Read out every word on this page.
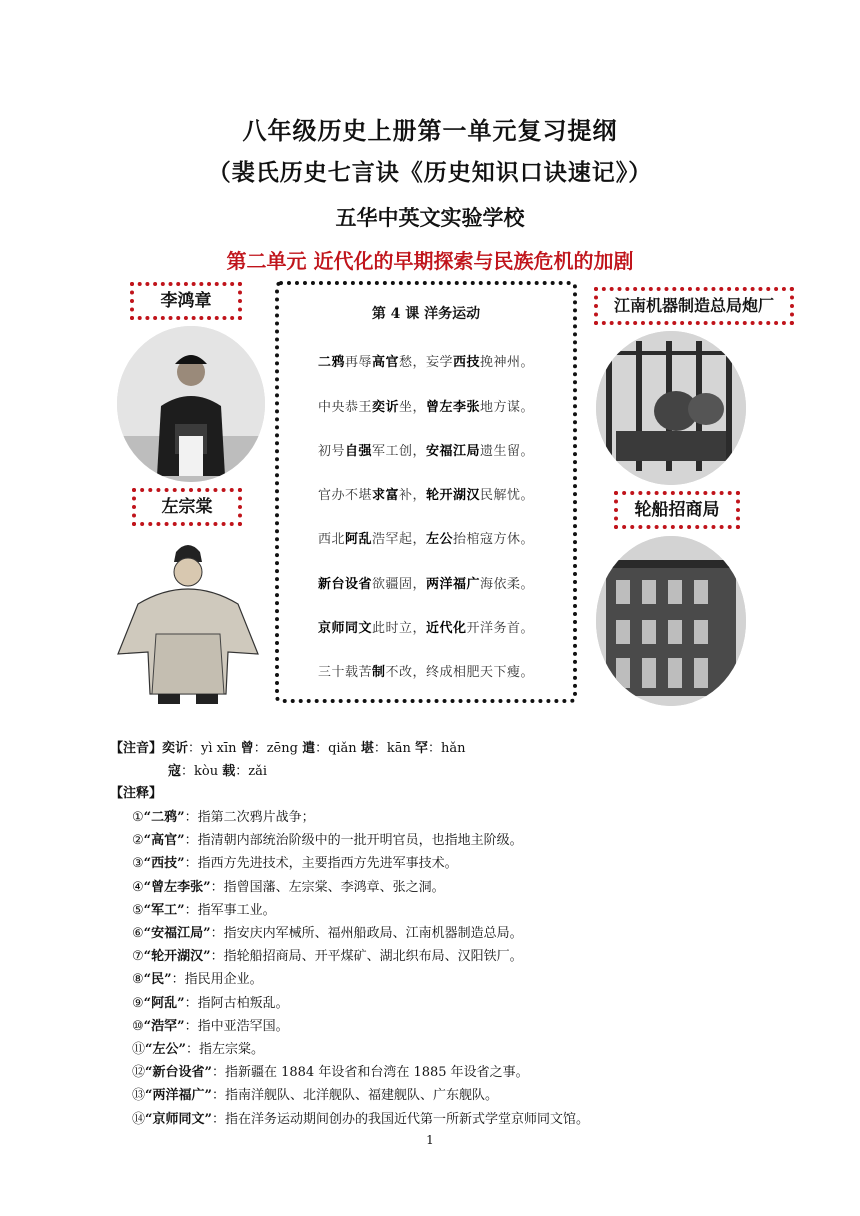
八年级历史上册第一单元复习提纲
（裴氏历史七言诀《历史知识口诀速记》）
五华中英文实验学校
第二单元 近代化的早期探索与民族危机的加剧
李鸿章
左宗棠
江南机器制造总局炮厂
轮船招商局
第 4 课 洋务运动
二鸦再辱高官愁，妄学西技挽神州。
中央恭王奕䜣坐，曾左李张地方谋。
初号自强军工创，安福江局遗生留。
官办不堪求富补，轮开湖汉民解忧。
西北阿乱浩罕起，左公抬棺寇方休。
新台设省欲疆固，两洋福广海依柔。
京师同文此时立，近代化开洋务首。
三十载苦制不改，终成相肥天下瘦。
【注音】奕䜣：yì xīn 曾：zēng 遣：qiǎn 堪：kān 罕：hǎn
寇：kòu 载：zǎi
【注释】
①“二鸦”：指第二次鸦片战争；
②“高官”：指清朝内部统治阶级中的一批开明官员，也指地主阶级。
③“西技”：指西方先进技术，主要指西方先进军事技术。
④“曾左李张”：指曾国藩、左宗棠、李鸿章、张之洞。
⑤“军工”：指军事工业。
⑥“安福江局”：指安庆内军械所、福州船政局、江南机器制造总局。
⑦“轮开湖汉”：指轮船招商局、开平煤矿、湖北织布局、汉阳铁厂。
⑧“民”：指民用企业。
⑨“阿乱”：指阿古柏叛乱。
⑩“浩罕”：指中亚浩罕国。
⑪“左公”：指左宗棠。
⑫“新台设省”：指新疆在 1884 年设省和台湾在 1885 年设省之事。
⑬“两洋福广”：指南洋舰队、北洋舰队、福建舰队、广东舰队。
⑭“京师同文”：指在洋务运动期间创办的我国近代第一所新式学堂京师同文馆。
1
